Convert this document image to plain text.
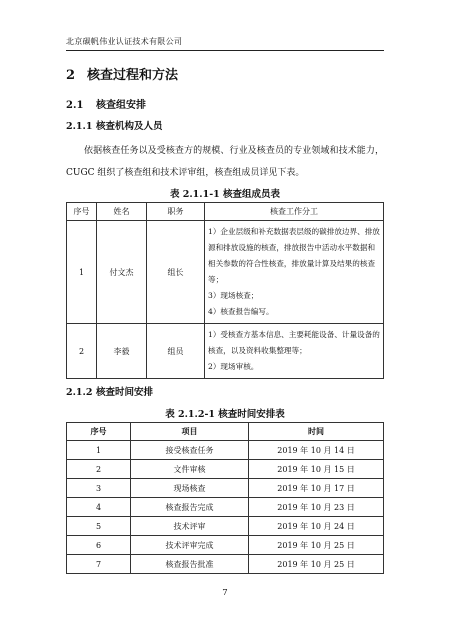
北京碳帆伟业认证技术有限公司
2 核查过程和方法
2.1 核查组安排
2.1.1 核查机构及人员
依据核查任务以及受核查方的规模、行业及核查员的专业领域和技术能力，CUGC 组织了核查组和技术评审组，核查组成员详见下表。
表 2.1.1-1 核查组成员表
序号	姓名	职务	核查工作分工
1	付文杰	组长	1）企业层级和补充数据表层级的碳排放边界、排放源和排放设施的核查，排放报告中活动水平数据和相关参数的符合性核查，排放量计算及结果的核查等；
3）现场核查；
4）核查报告编写。

2	李毅	组员	1）受核查方基本信息、主要耗能设备、计量设备的核查，以及资料收集整理等；
2）现场审核。
2.1.2 核查时间安排
表 2.1.2-1 核查时间安排表
序号	项目	时间
1	接受核查任务	2019 年 10 月 14 日
2	文件审核	2019 年 10 月 15 日
3	现场核查	2019 年 10 月 17 日
4	核查报告完成	2019 年 10 月 23 日
5	技术评审	2019 年 10 月 24 日
6	技术评审完成	2019 年 10 月 25 日
7	核查报告批准	2019 年 10 月 25 日
7
